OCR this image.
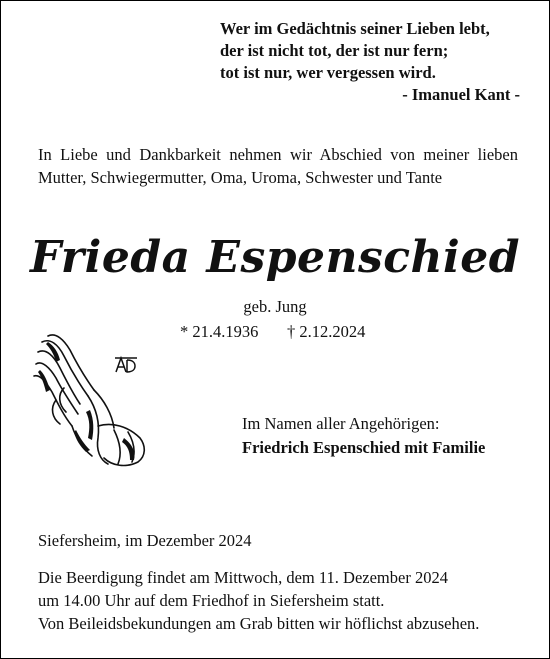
Wer im Gedächtnis seiner Lieben lebt,
der ist nicht tot, der ist nur fern;
tot ist nur, wer vergessen wird.
- Imanuel Kant -
In Liebe und Dankbarkeit nehmen wir Abschied von meiner lieben Mutter, Schwiegermutter, Oma, Uroma, Schwester und Tante
Frieda Espenschied
geb. Jung
* 21.4.1936 † 2.12.2024
Im Namen aller Angehörigen:
Friedrich Espenschied mit Familie
Siefersheim, im Dezember 2024
Die Beerdigung findet am Mittwoch, dem 11. Dezember 2024
um 14.00 Uhr auf dem Friedhof in Siefersheim statt.
Von Beileidsbekundungen am Grab bitten wir höflichst abzusehen.
